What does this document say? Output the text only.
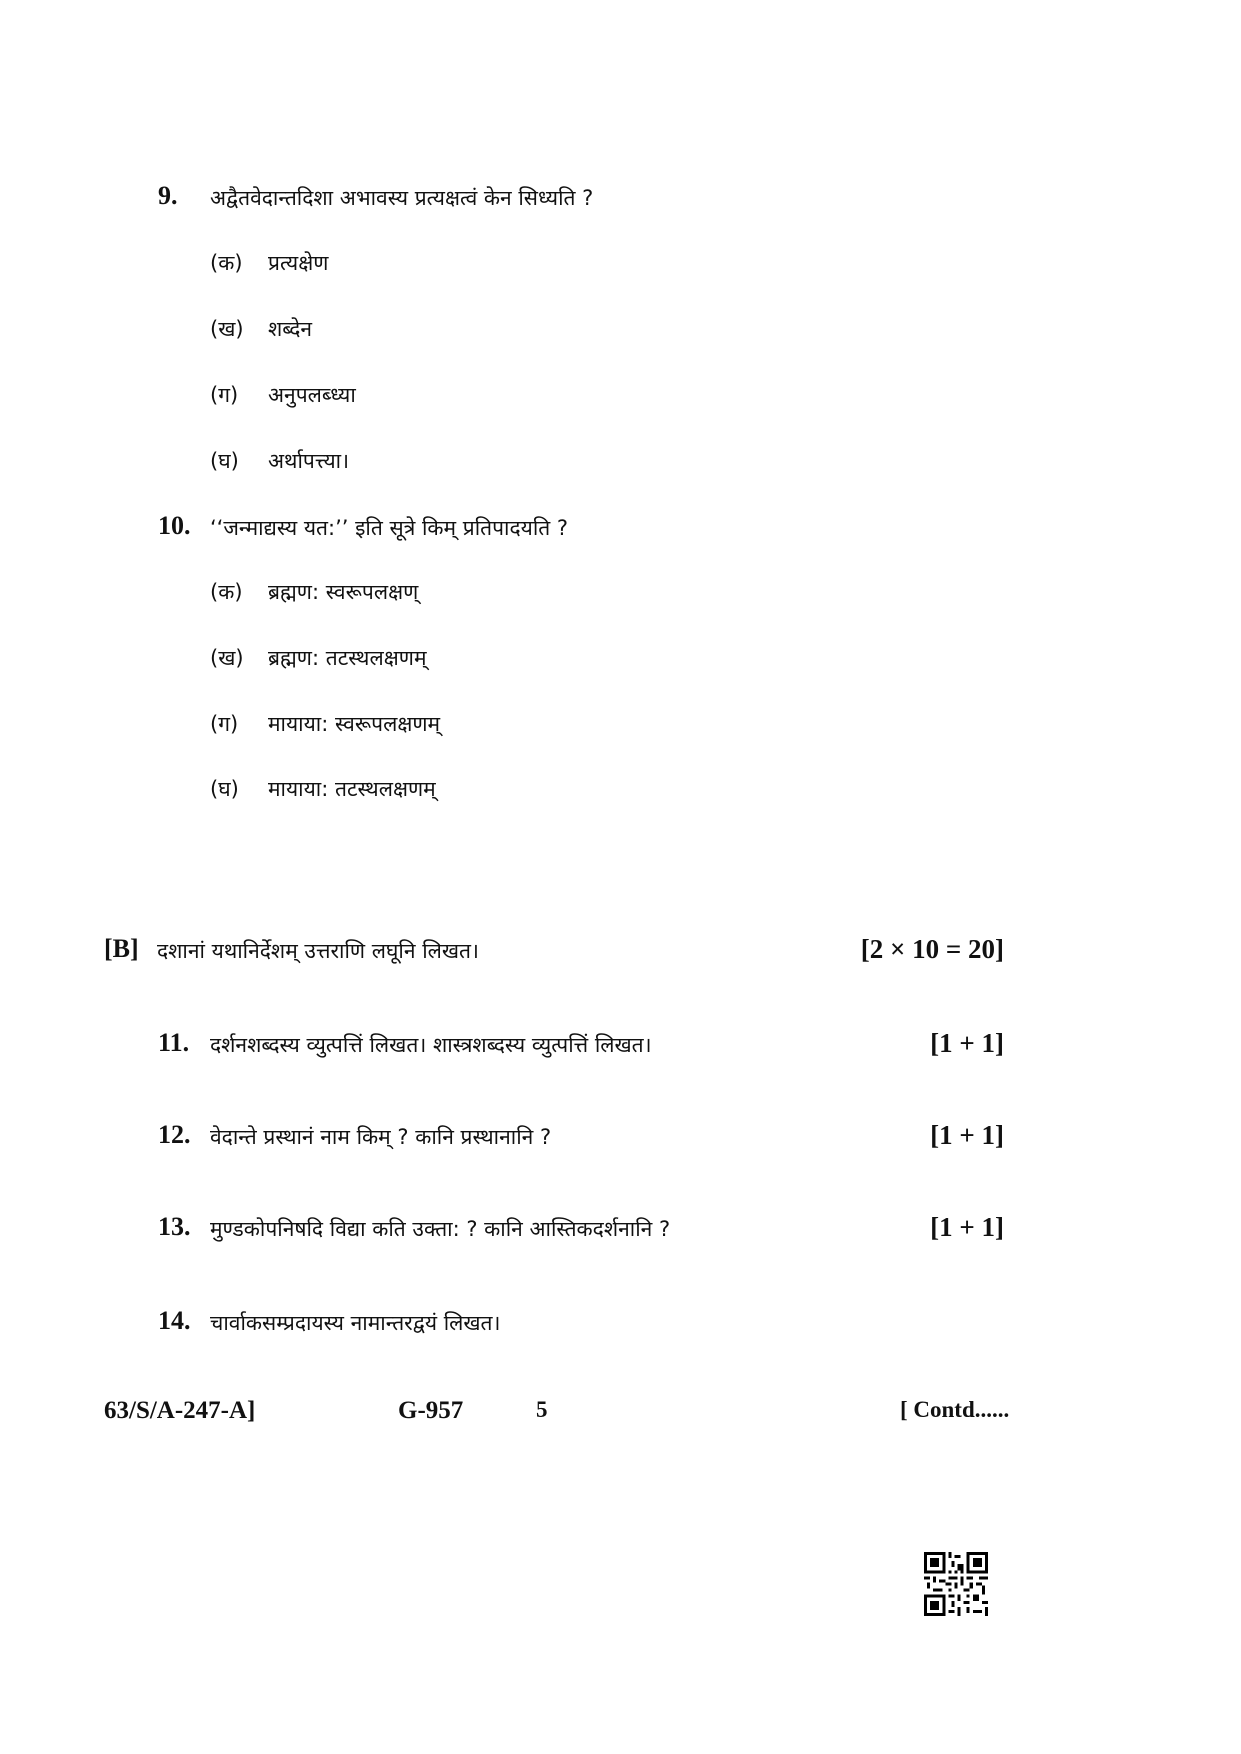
9. अद्वैतवेदान्तदिशा अभावस्य प्रत्यक्षत्वं केन सिध्यति ?
(क) प्रत्यक्षेण
(ख) शब्देन
(ग) अनुपलब्ध्या
(घ) अर्थापत्त्या।
10. ‘‘जन्माद्यस्य यत:’’ इति सूत्रे किम् प्रतिपादयति ?
(क) ब्रह्मण: स्वरूपलक्षण्
(ख) ब्रह्मण: तटस्थलक्षणम्
(ग) मायाया: स्वरूपलक्षणम्
(घ) मायाया: तटस्थलक्षणम्
[B] दशानां यथानिर्देशम् उत्तराणि लघूनि लिखत।	[2 × 10 = 20]
11. दर्शनशब्दस्य व्युत्पत्तिं लिखत। शास्त्रशब्दस्य व्युत्पत्तिं लिखत।	[1 + 1]
12. वेदान्ते प्रस्थानं नाम किम् ? कानि प्रस्थानानि ?	[1 + 1]
13. मुण्डकोपनिषदि विद्या कति उक्ता: ? कानि आस्तिकदर्शनानि ?	[1 + 1]
14. चार्वाकसम्प्रदायस्य नामान्तरद्वयं लिखत।
63/S/A-247-A]	G-957	5	[ Contd......
